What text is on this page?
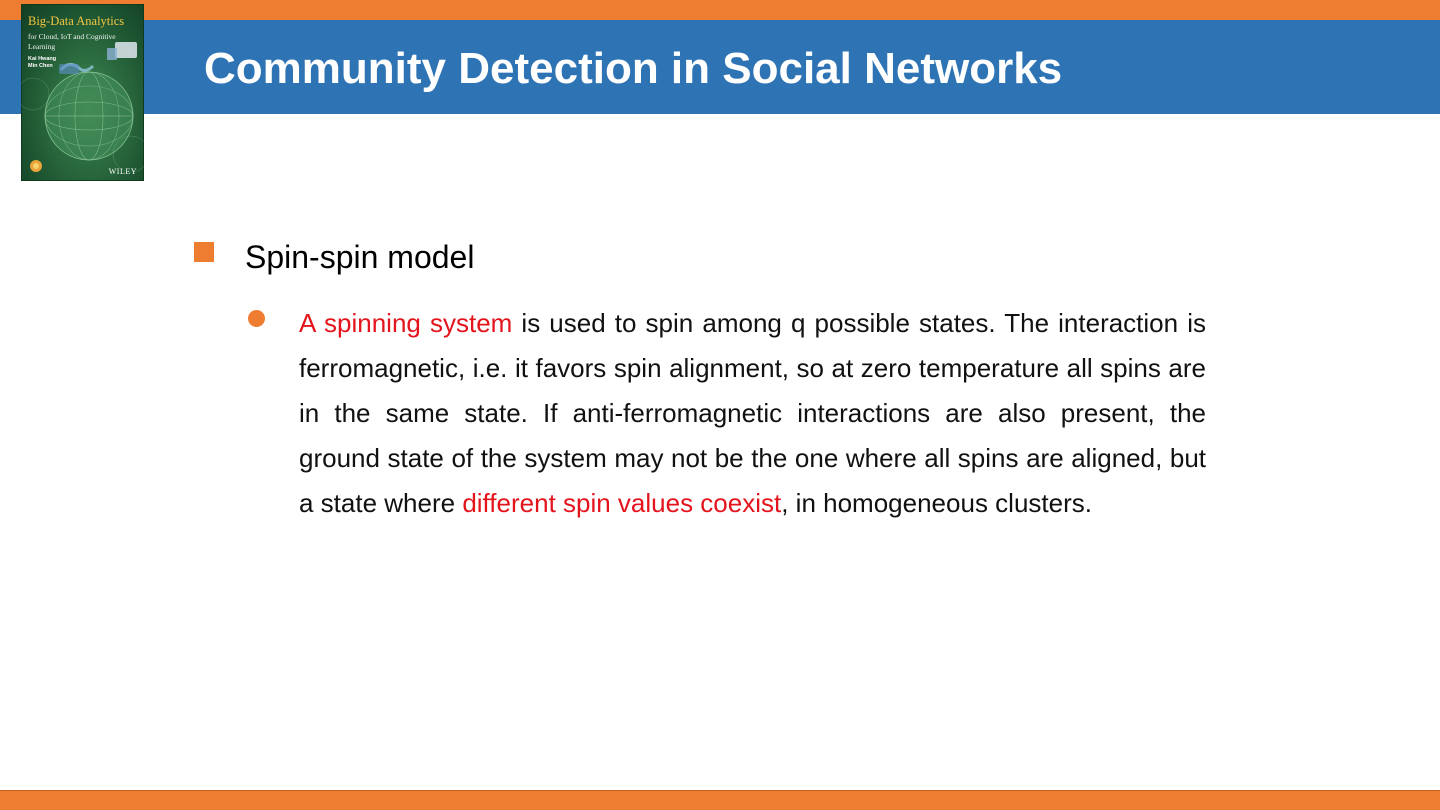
Community Detection in Social Networks
Big-Data Analytics
for Cloud, IoT and Cognitive Learning
Kai Hwang
Min Chen
WILEY
Spin-spin model

A spinning system is used to spin among q possible states. The interaction is ferromagnetic, i.e. it favors spin alignment, so at zero temperature all spins are in the same state. If anti-ferromagnetic interactions are also present, the ground state of the system may not be the one where all spins are aligned, but a state where different spin values coexist, in homogeneous clusters.
